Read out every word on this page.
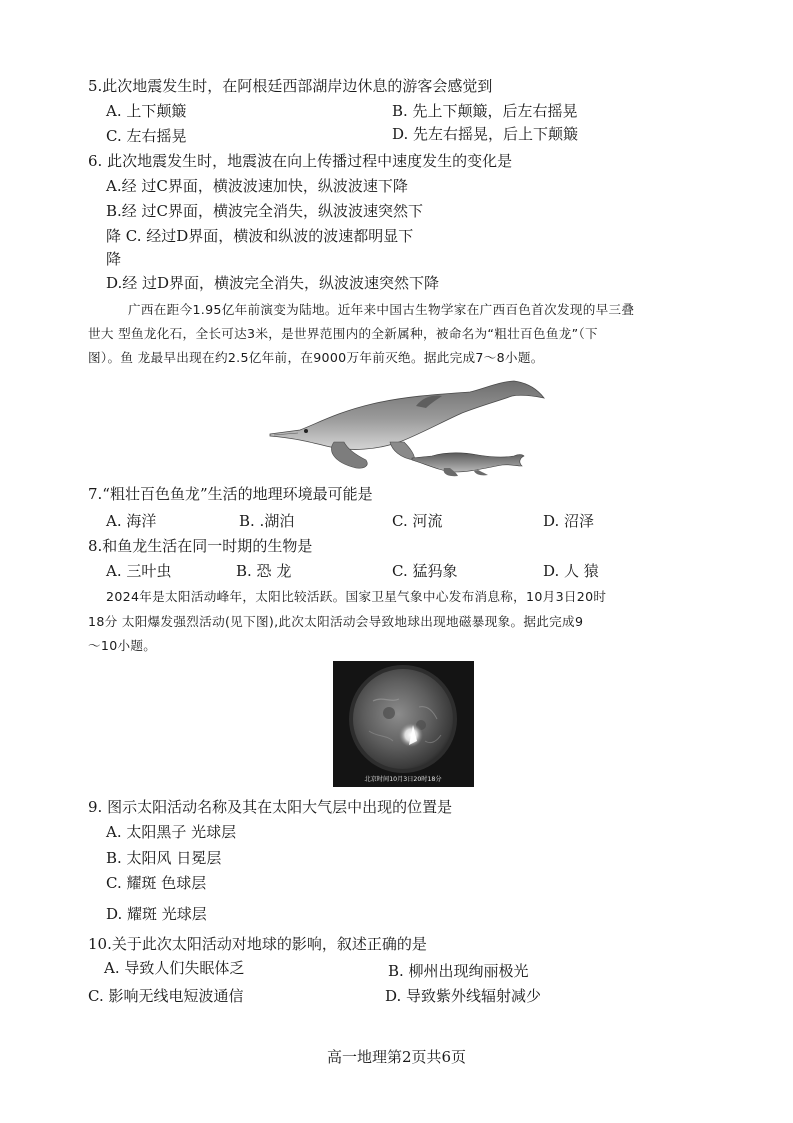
5.此次地震发生时，在阿根廷西部湖岸边休息的游客会感觉到
A. 上下颠簸	B. 先上下颠簸，后左右摇晃
C. 左右摇晃	D. 先左右摇晃，后上下颠簸
6. 此次地震发生时，地震波在向上传播过程中速度发生的变化是
A.经 过C界面，横波波速加快，纵波波速下降
B.经 过C界面，横波完全消失，纵波波速突然下
降 C. 经过D界面，横波和纵波的波速都明显下
降
D.经 过D界面，横波完全消失，纵波波速突然下降
广西在距今1.95亿年前演变为陆地。近年来中国古生物学家在广西百色首次发现的早三叠
世大 型鱼龙化石，全长可达3米，是世界范围内的全新属种，被命名为“粗壮百色鱼龙”（下
图）。鱼 龙最早出现在约2.5亿年前，在9000万年前灭绝。据此完成7～8小题。
7.“粗壮百色鱼龙”生活的地理环境最可能是
A. 海洋	B. .湖泊	C. 河流	D. 沼泽
8.和鱼龙生活在同一时期的生物是
A. 三叶虫	B. 恐 龙	C. 猛犸象	D. 人 猿
2024年是太阳活动峰年，太阳比较活跃。国家卫星气象中心发布消息称，10月3日20时
18分 太阳爆发强烈活动(见下图),此次太阳活动会导致地球出现地磁暴现象。据此完成9
～10小题。
北京时间10月3日20时18分
9. 图示太阳活动名称及其在太阳大气层中出现的位置是
A. 太阳黑子 光球层
B. 太阳风 日冕层
C. 耀斑 色球层
D. 耀斑 光球层
10.关于此次太阳活动对地球的影响，叙述正确的是
A. 导致人们失眠体乏	B. 柳州出现绚丽极光
C. 影响无线电短波通信	D. 导致紫外线辐射减少
高一地理第2页共6页
